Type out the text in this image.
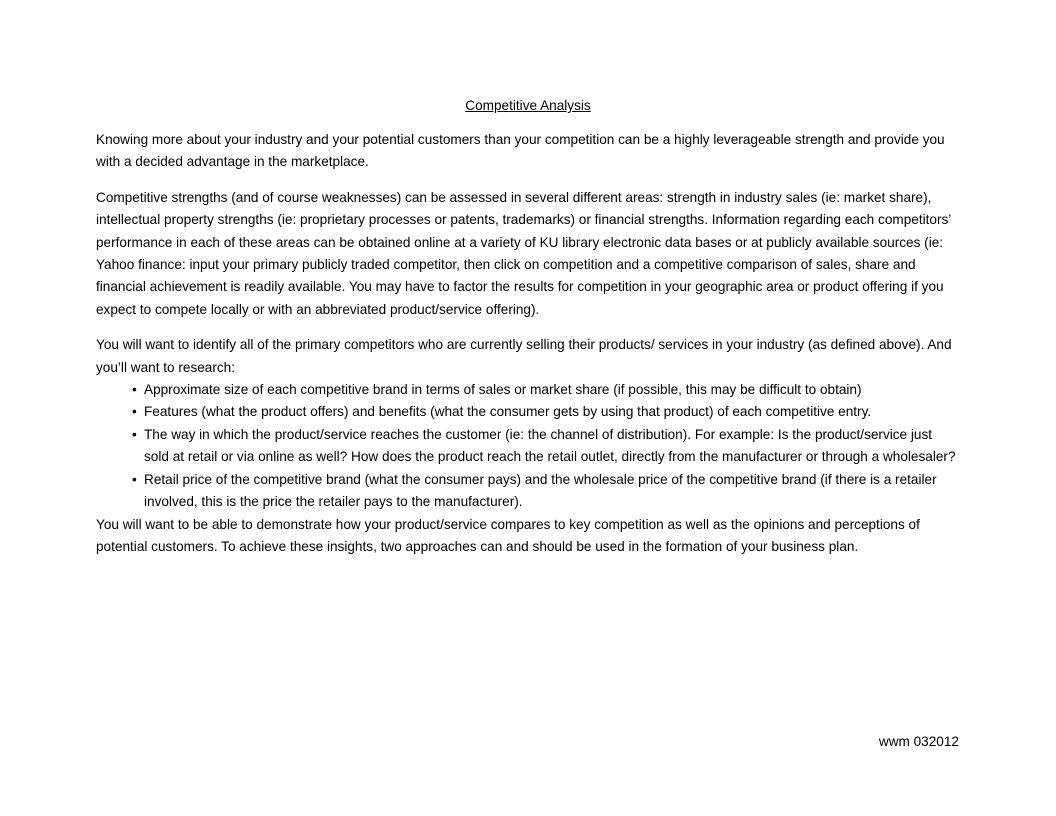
Competitive Analysis

Knowing more about your industry and your potential customers than your competition can be a highly leverageable strength and provide you with a decided advantage in the marketplace.

Competitive strengths (and of course weaknesses) can be assessed in several different areas: strength in industry sales (ie: market share), intellectual property strengths (ie: proprietary processes or patents, trademarks) or financial strengths. Information regarding each competitors’ performance in each of these areas can be obtained online at a variety of KU library electronic data bases or at publicly available sources (ie: Yahoo finance: input your primary publicly traded competitor, then click on competition and a competitive comparison of sales, share and financial achievement is readily available. You may have to factor the results for competition in your geographic area or product offering if you expect to compete locally or with an abbreviated product/service offering).

You will want to identify all of the primary competitors who are currently selling their products/ services in your industry (as defined above). And you’ll want to research:

• Approximate size of each competitive brand in terms of sales or market share (if possible, this may be difficult to obtain)
• Features (what the product offers) and benefits (what the consumer gets by using that product) of each competitive entry.
• The way in which the product/service reaches the customer (ie: the channel of distribution). For example: Is the product/service just sold at retail or via online as well? How does the product reach the retail outlet, directly from the manufacturer or through a wholesaler?
• Retail price of the competitive brand (what the consumer pays) and the wholesale price of the competitive brand (if there is a retailer involved, this is the price the retailer pays to the manufacturer).

You will want to be able to demonstrate how your product/service compares to key competition as well as the opinions and perceptions of potential customers. To achieve these insights, two approaches can and should be used in the formation of your business plan.

wwm 032012
